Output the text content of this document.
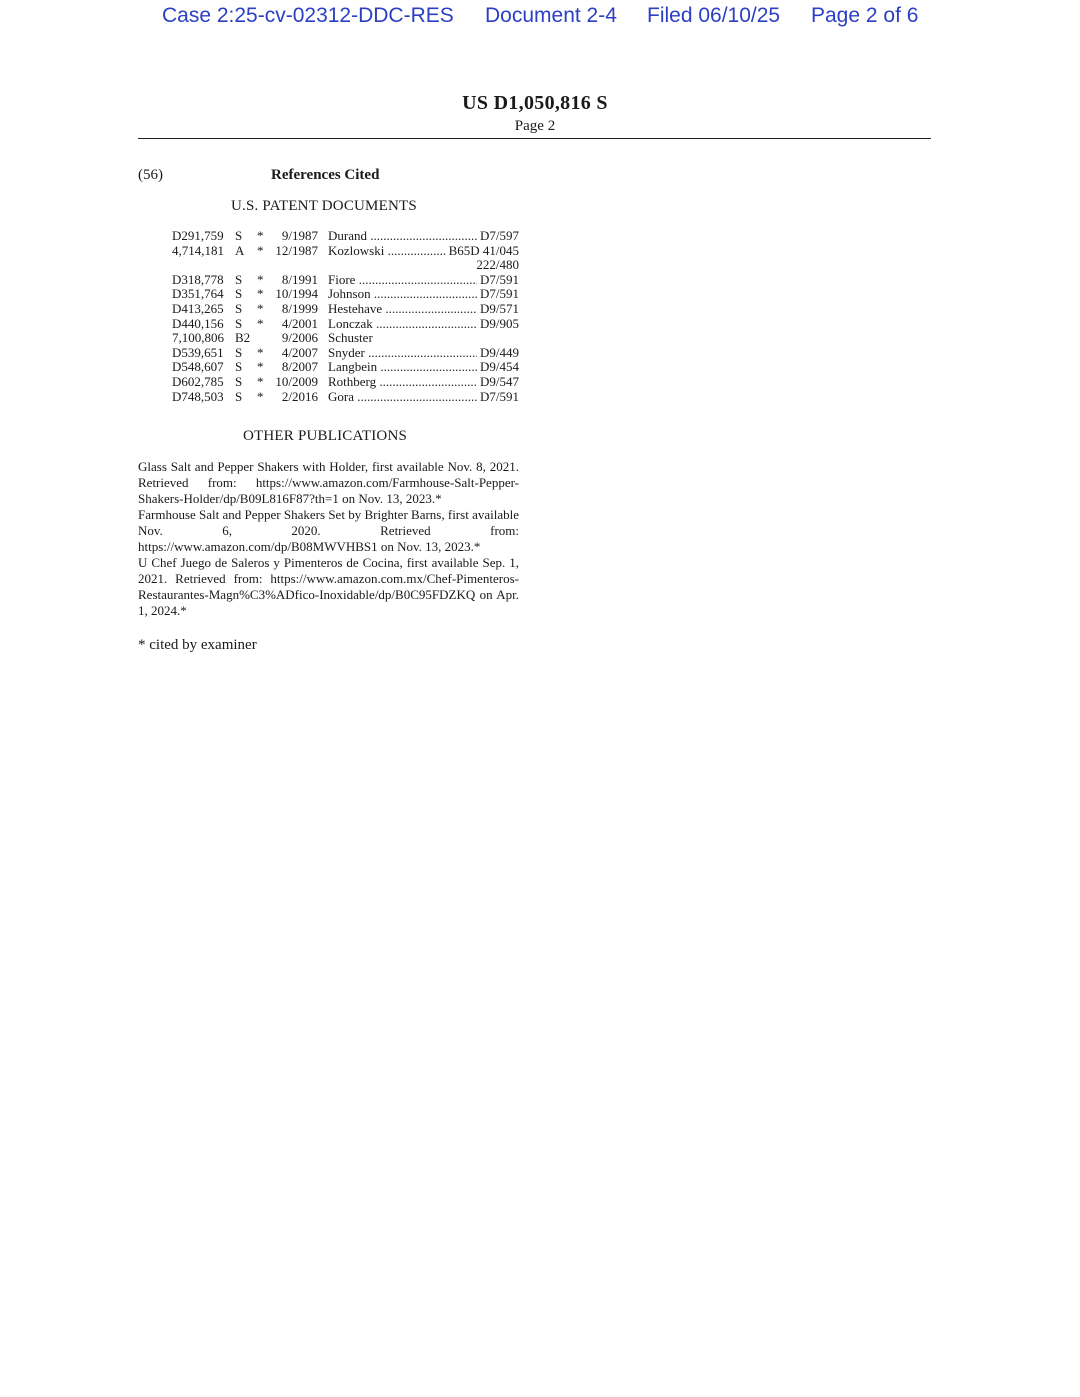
Case 2:25-cv-02312-DDC-RES Document 2-4 Filed 06/10/25 Page 2 of 6
US D1,050,816 S
Page 2
(56)	References Cited
U.S. PATENT DOCUMENTS
D291,759 S * 9/1987 Durand .....	D7/597
4,714,181 A * 12/1987 Kozlowski .....	B65D 41/045
222/480
D318,778 S * 8/1991 Fiore .....	D7/591
D351,764 S * 10/1994 Johnson .....	D7/591
D413,265 S * 8/1999 Hestehave .....	D9/571
D440,156 S * 4/2001 Lonczak .....	D9/905
7,100,806 B2 9/2006 Schuster
D539,651 S * 4/2007 Snyder .....	D9/449
D548,607 S * 8/2007 Langbein .....	D9/454
D602,785 S * 10/2009 Rothberg .....	D9/547
D748,503 S * 2/2016 Gora .....	D7/591
OTHER PUBLICATIONS

Glass Salt and Pepper Shakers with Holder, first available Nov. 8, 2021. Retrieved from: https://www.amazon.com/Farmhouse-Salt-Pepper-Shakers-Holder/dp/B09L816F87?th=1 on Nov. 13, 2023.*

Farmhouse Salt and Pepper Shakers Set by Brighter Barns, first available Nov. 6, 2020. Retrieved from: https://www.amazon.com/dp/B08MWVHBS1 on Nov. 13, 2023.*

U Chef Juego de Saleros y Pimenteros de Cocina, first available Sep. 1, 2021. Retrieved from: https://www.amazon.com.mx/Chef-Pimenteros-Restaurantes-Magn%C3%ADfico-Inoxidable/dp/B0C95FDZKQ on Apr. 1, 2024.*

* cited by examiner
